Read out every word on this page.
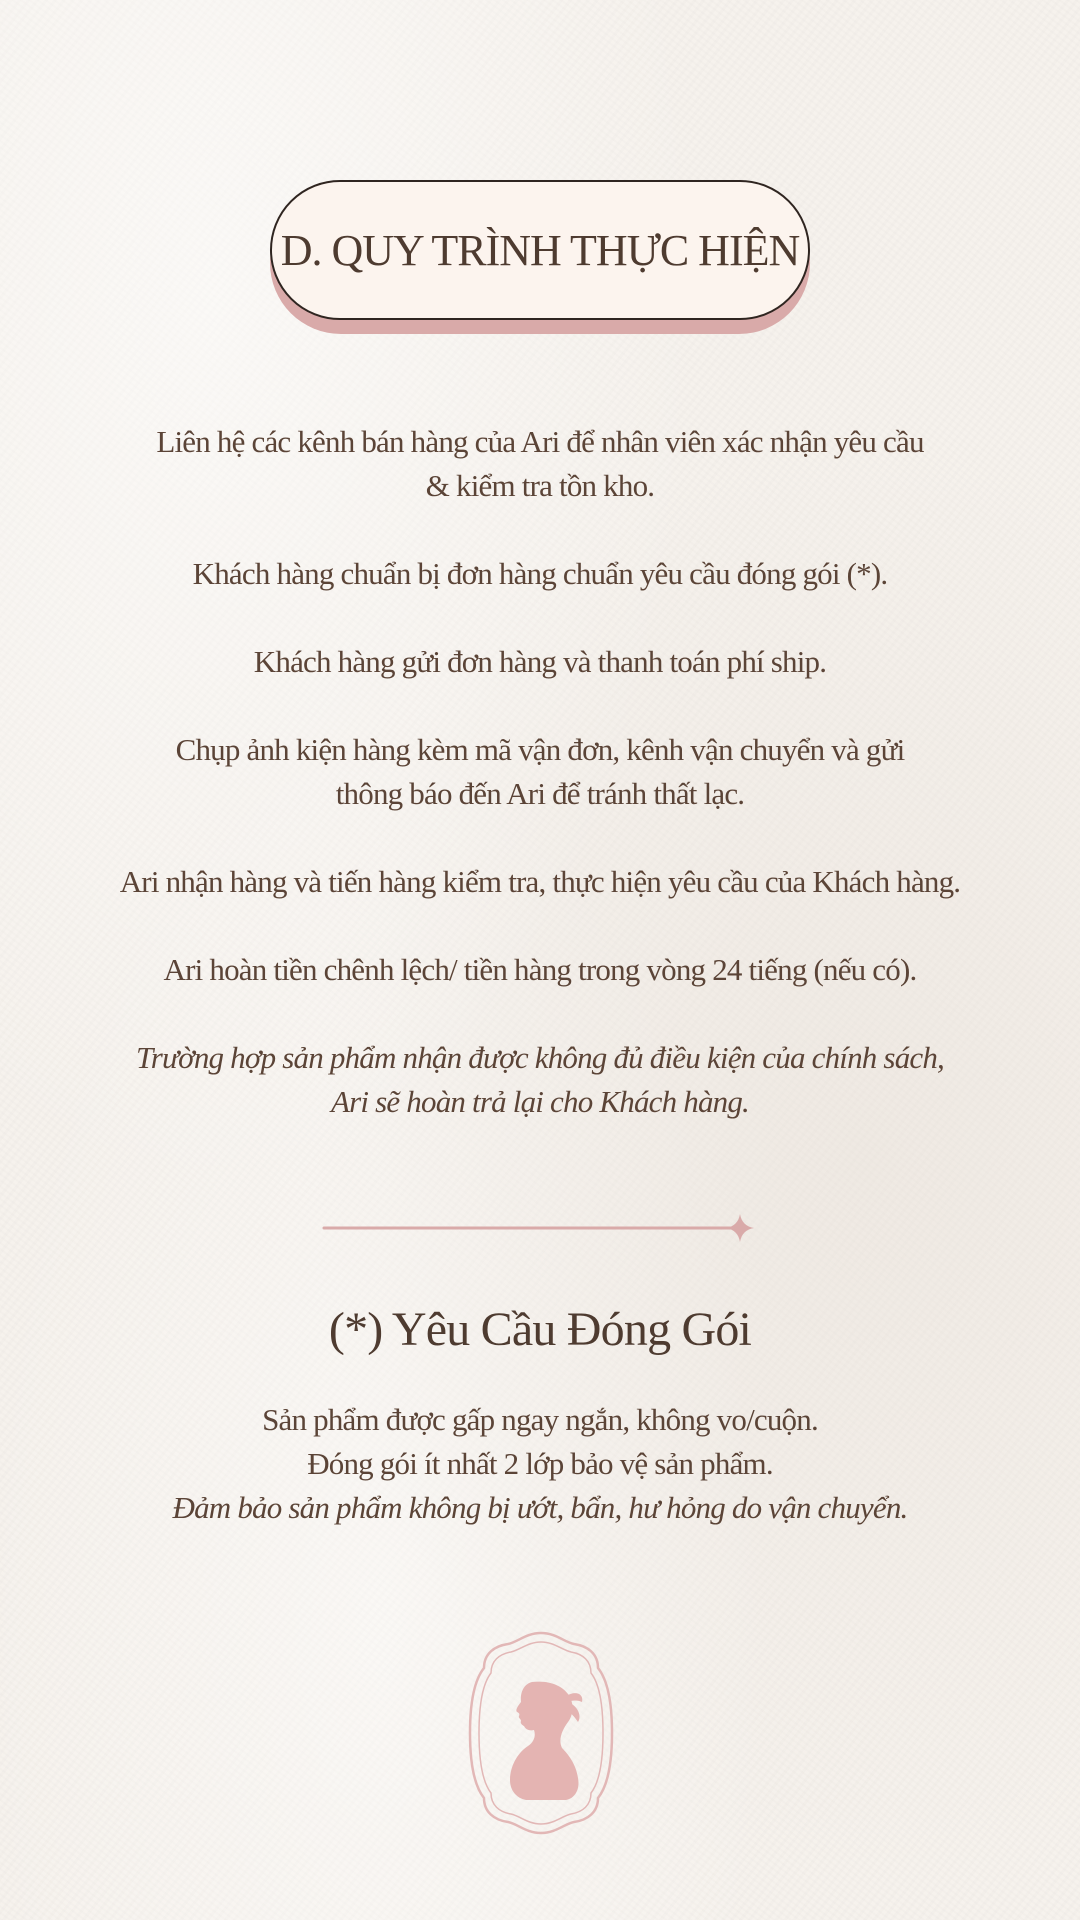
D. QUY TRÌNH THỰC HIỆN

Liên hệ các kênh bán hàng của Ari để nhân viên xác nhận yêu cầu
& kiểm tra tồn kho.

Khách hàng chuẩn bị đơn hàng chuẩn yêu cầu đóng gói (*).

Khách hàng gửi đơn hàng và thanh toán phí ship.

Chụp ảnh kiện hàng kèm mã vận đơn, kênh vận chuyển và gửi
thông báo đến Ari để tránh thất lạc.

Ari nhận hàng và tiến hàng kiểm tra, thực hiện yêu cầu của Khách hàng.

Ari hoàn tiền chênh lệch/ tiền hàng trong vòng 24 tiếng (nếu có).

Trường hợp sản phẩm nhận được không đủ điều kiện của chính sách,
Ari sẽ hoàn trả lại cho Khách hàng.

(*) Yêu Cầu Đóng Gói
Sản phẩm được gấp ngay ngắn, không vo/cuộn.
Đóng gói ít nhất 2 lớp bảo vệ sản phẩm.
Đảm bảo sản phẩm không bị ướt, bẩn, hư hỏng do vận chuyển.
